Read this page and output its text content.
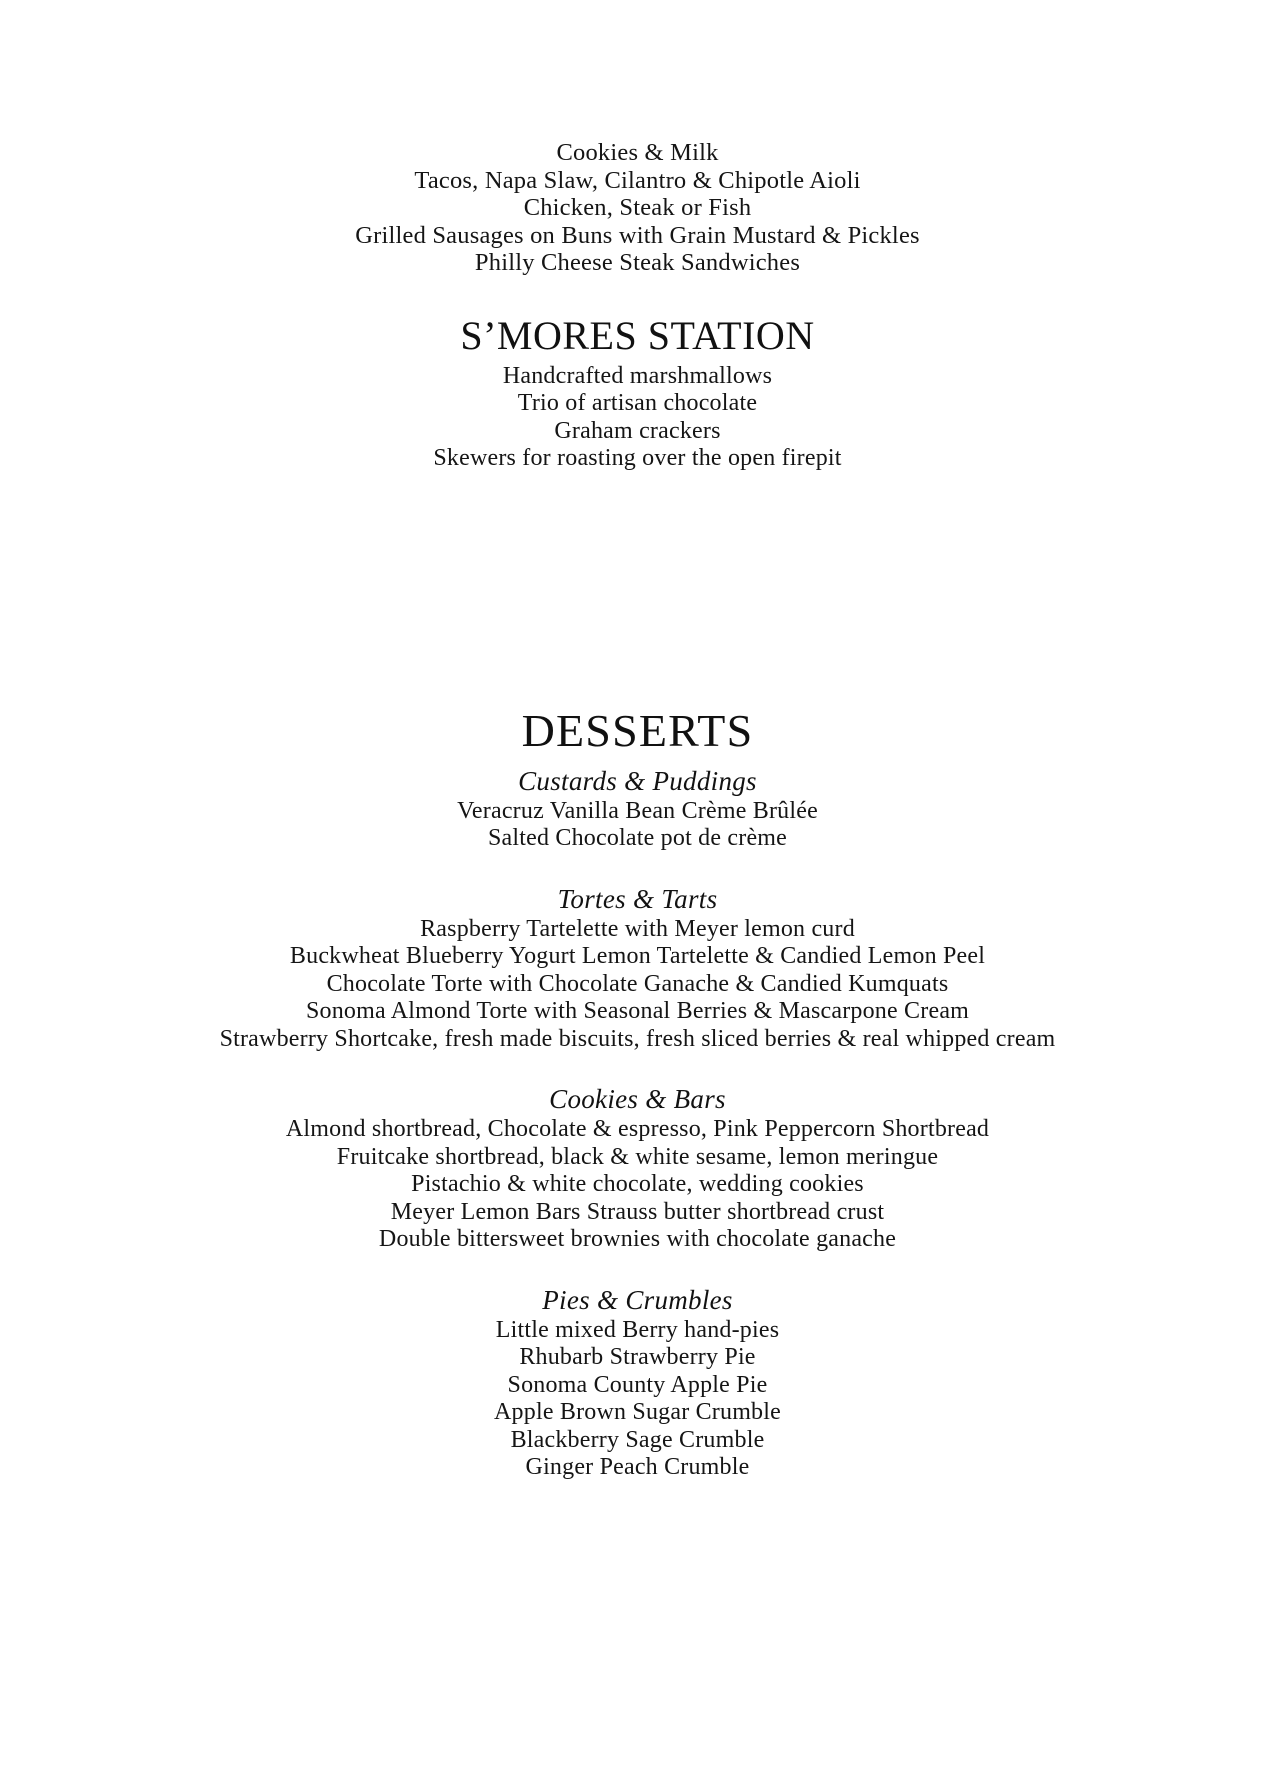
Cookies & Milk
Tacos, Napa Slaw, Cilantro & Chipotle Aioli
Chicken, Steak or Fish
Grilled Sausages on Buns with Grain Mustard & Pickles
Philly Cheese Steak Sandwiches
S’MORES STATION
Handcrafted marshmallows
Trio of artisan chocolate
Graham crackers
Skewers for roasting over the open firepit
DESSERTS
Custards & Puddings
Veracruz Vanilla Bean Crème Brûlée
Salted Chocolate pot de crème
Tortes & Tarts
Raspberry Tartelette with Meyer lemon curd
Buckwheat Blueberry Yogurt Lemon Tartelette & Candied Lemon Peel
Chocolate Torte with Chocolate Ganache & Candied Kumquats
Sonoma Almond Torte with Seasonal Berries & Mascarpone Cream
Strawberry Shortcake, fresh made biscuits, fresh sliced berries & real whipped cream
Cookies & Bars
Almond shortbread, Chocolate & espresso, Pink Peppercorn Shortbread
Fruitcake shortbread, black & white sesame, lemon meringue
Pistachio & white chocolate, wedding cookies
Meyer Lemon Bars Strauss butter shortbread crust
Double bittersweet brownies with chocolate ganache
Pies & Crumbles
Little mixed Berry hand-pies
Rhubarb Strawberry Pie
Sonoma County Apple Pie
Apple Brown Sugar Crumble
Blackberry Sage Crumble
Ginger Peach Crumble
